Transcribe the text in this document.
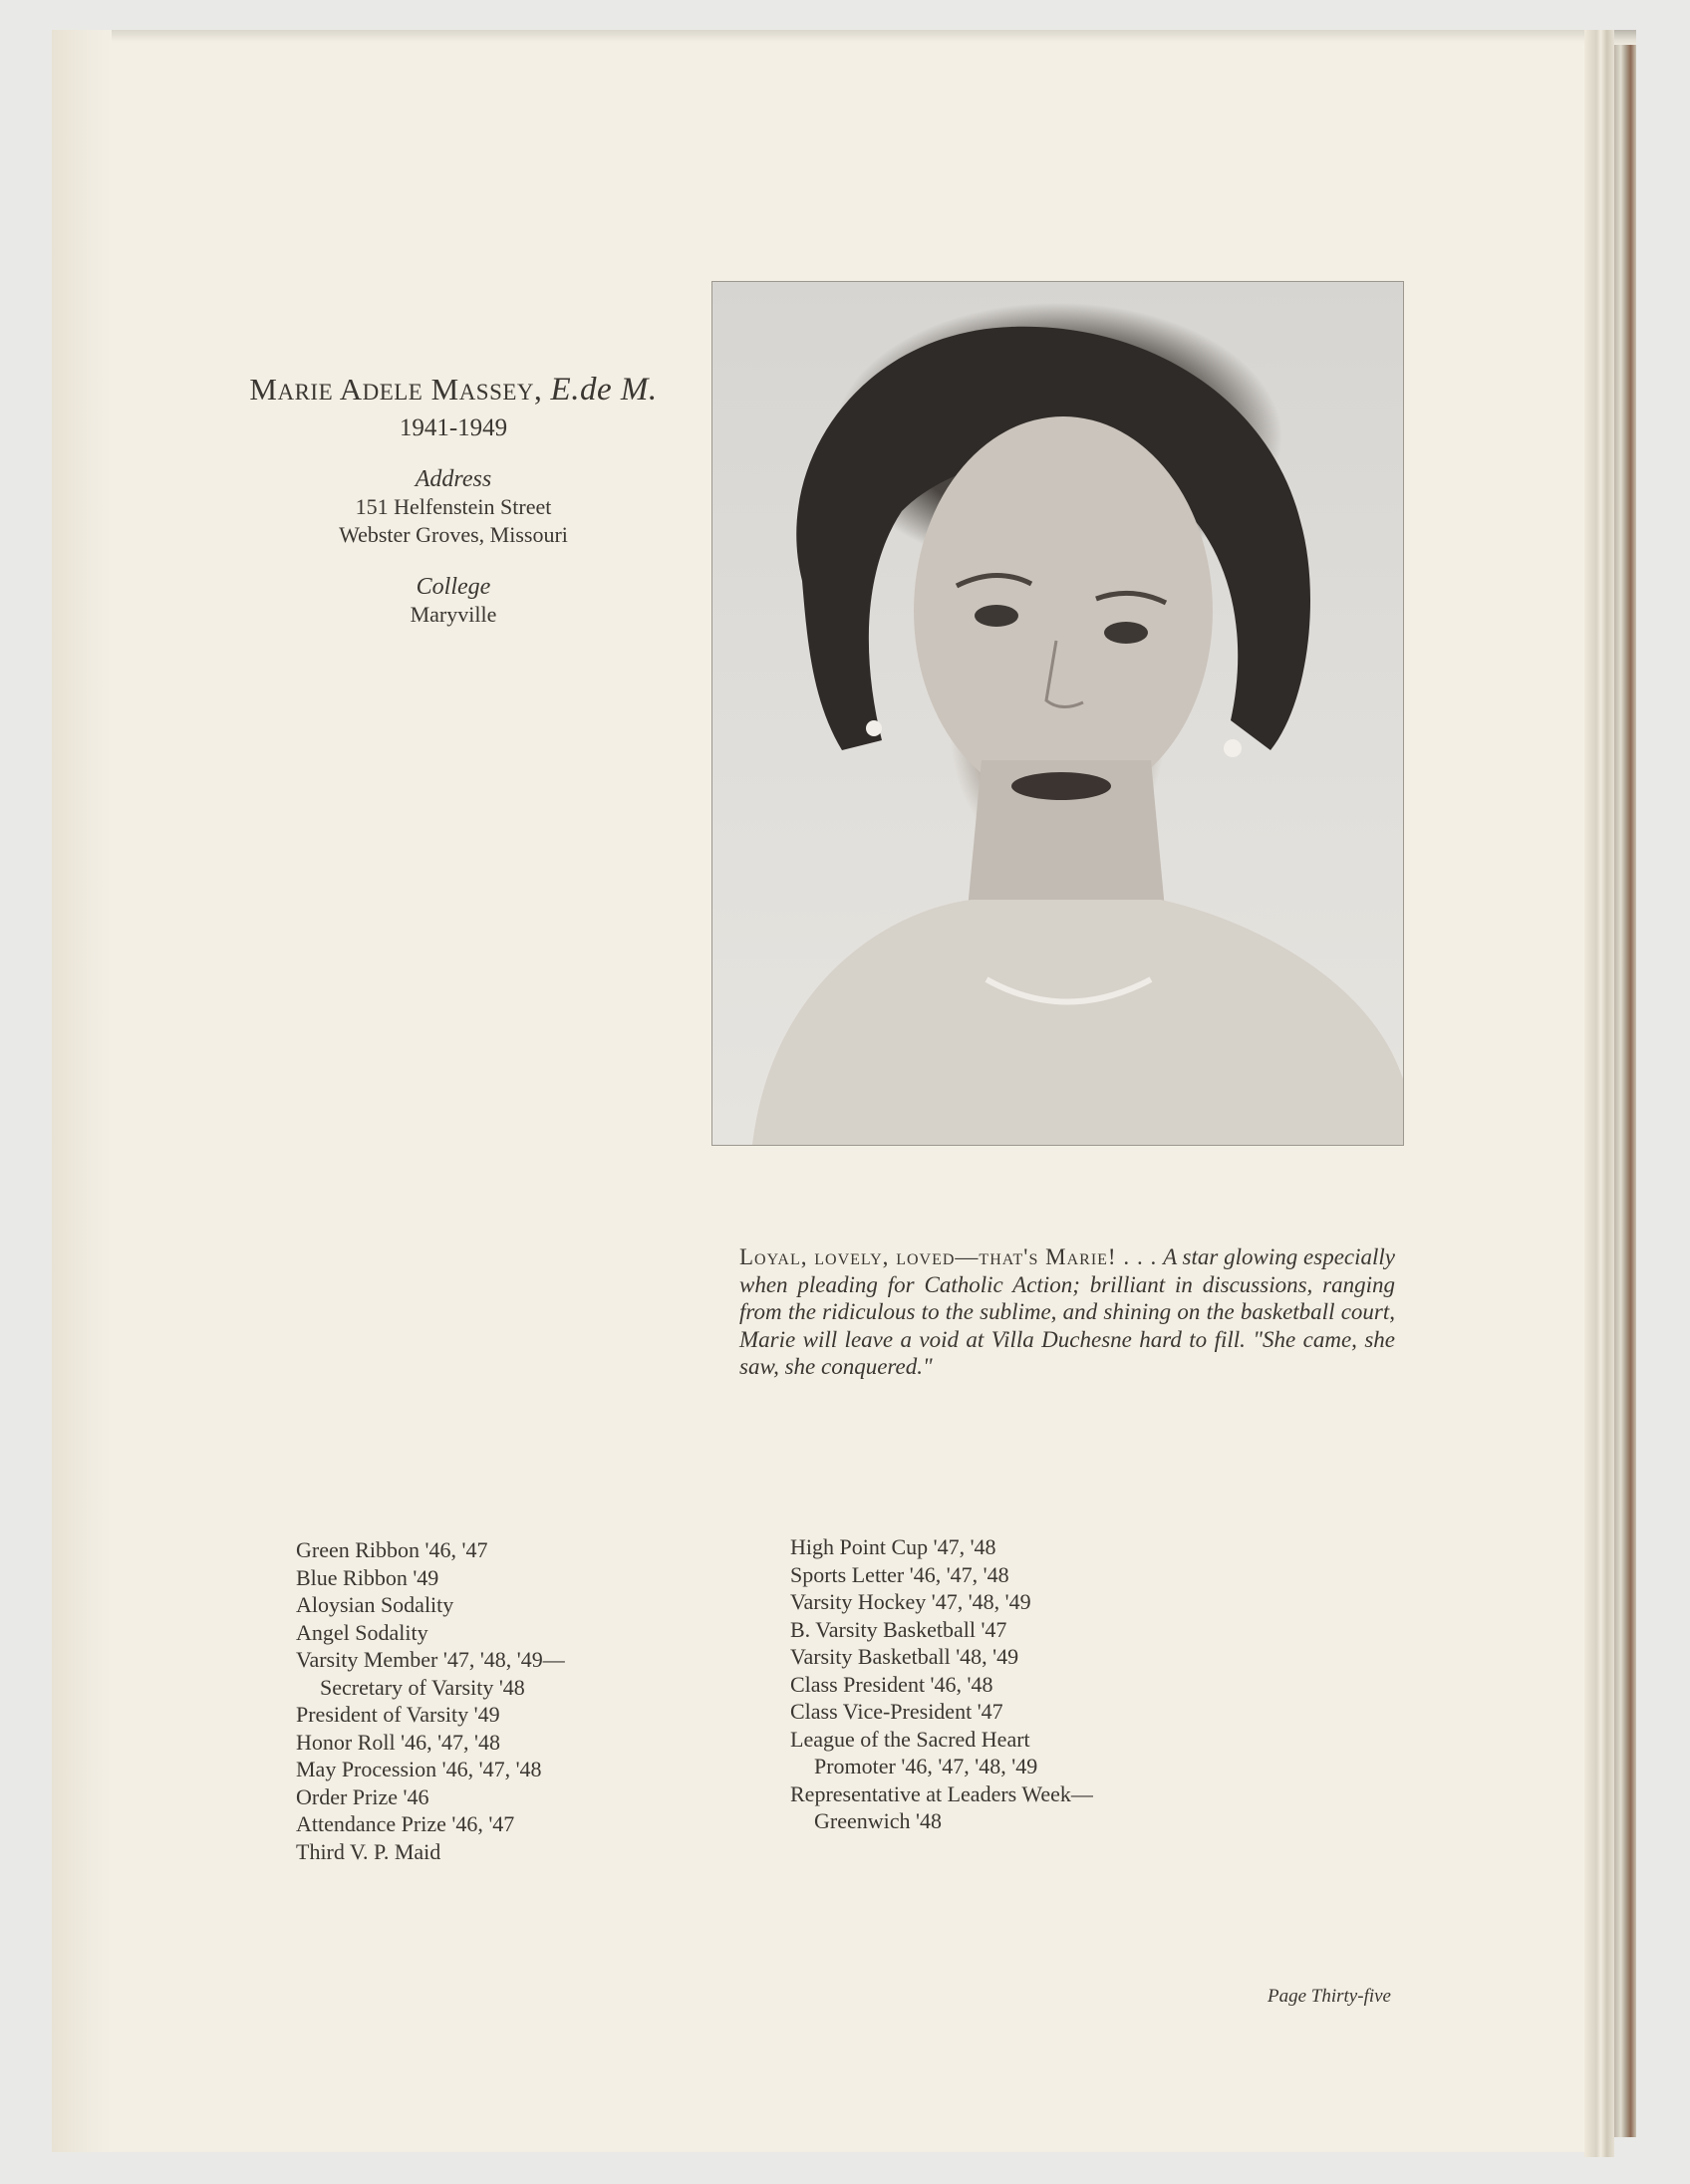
MARIE ADELE MASSEY, E.de M.
1941-1949
Address
151 Helfenstein Street
Webster Groves, Missouri
College
Maryville
Loyal, lovely, loved—that's Marie! . . . A star glowing especially when pleading for Catholic Action; brilliant in discussions, ranging from the ridiculous to the sublime, and shining on the basketball court, Marie will leave a void at Villa Duchesne hard to fill. "She came, she saw, she conquered."
Green Ribbon '46, '47
Blue Ribbon '49
Aloysian Sodality
Angel Sodality
Varsity Member '47, '48, '49—
Secretary of Varsity '48
President of Varsity '49
Honor Roll '46, '47, '48
May Procession '46, '47, '48
Order Prize '46
Attendance Prize '46, '47
Third V. P. Maid
High Point Cup '47, '48
Sports Letter '46, '47, '48
Varsity Hockey '47, '48, '49
B. Varsity Basketball '47
Varsity Basketball '48, '49
Class President '46, '48
Class Vice-President '47
League of the Sacred Heart
Promoter '46, '47, '48, '49
Representative at Leaders Week—
Greenwich '48
Page Thirty-five
